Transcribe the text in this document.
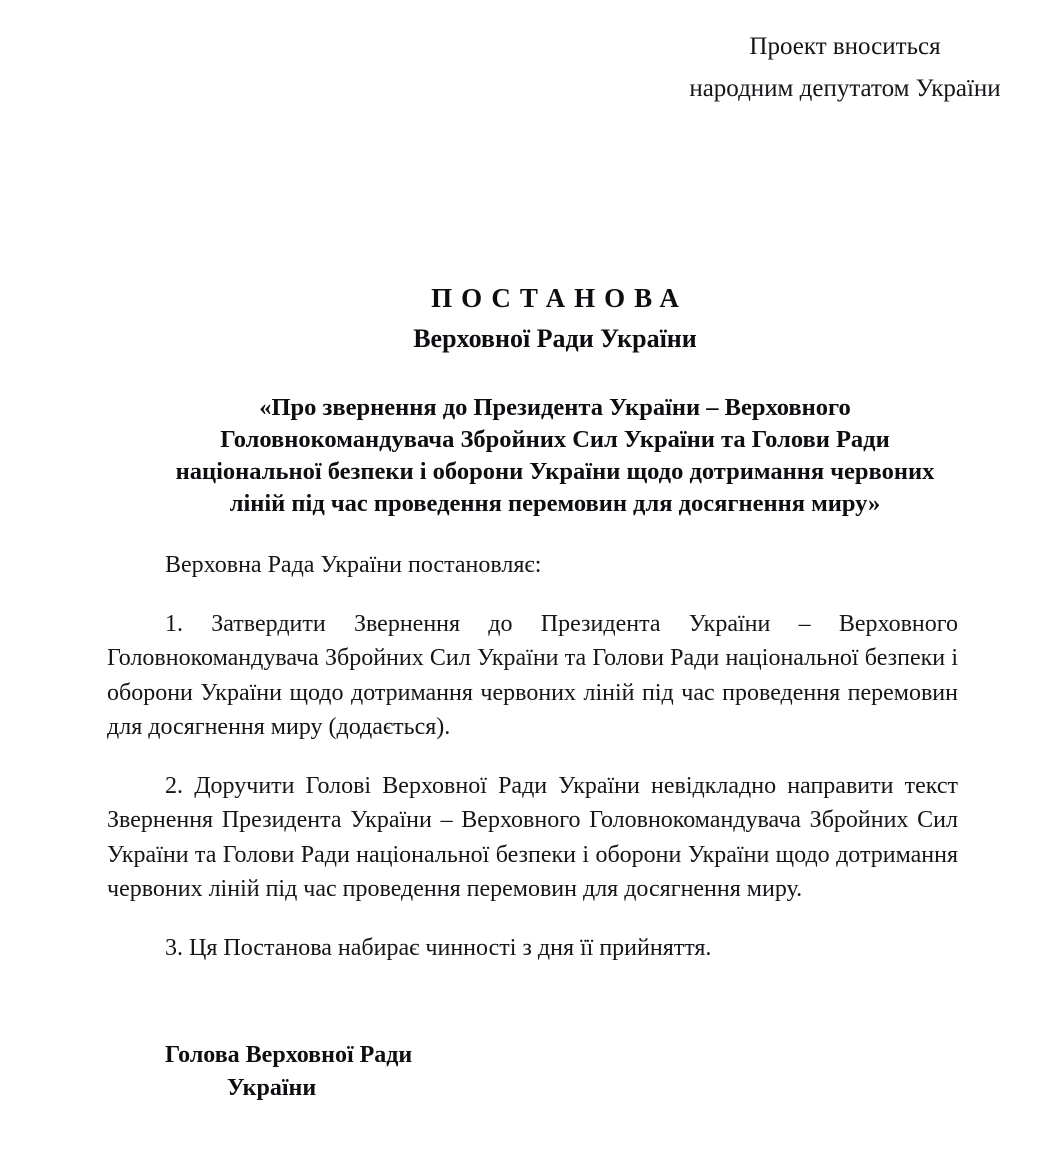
Проект вноситься
народним депутатом України
ПОСТАНОВА
Верховної Ради України
«Про звернення до Президента України – Верховного
Головнокомандувача Збройних Сил України та Голови Ради
національної безпеки і оборони України щодо дотримання червоних
ліній під час проведення перемовин для досягнення миру»

Верховна Рада України постановляє:

1. Затвердити Звернення до Президента України – Верховного Головнокомандувача Збройних Сил України та Голови Ради національної безпеки і оборони України щодо дотримання червоних ліній під час проведення перемовин для досягнення миру (додається).

2. Доручити Голові Верховної Ради України невідкладно направити текст Звернення Президента України – Верховного Головнокомандувача Збройних Сил України та Голови Ради національної безпеки і оборони України щодо дотримання червоних ліній під час проведення перемовин для досягнення миру.

3. Ця Постанова набирає чинності з дня її прийняття.

Голова Верховної Ради
України
